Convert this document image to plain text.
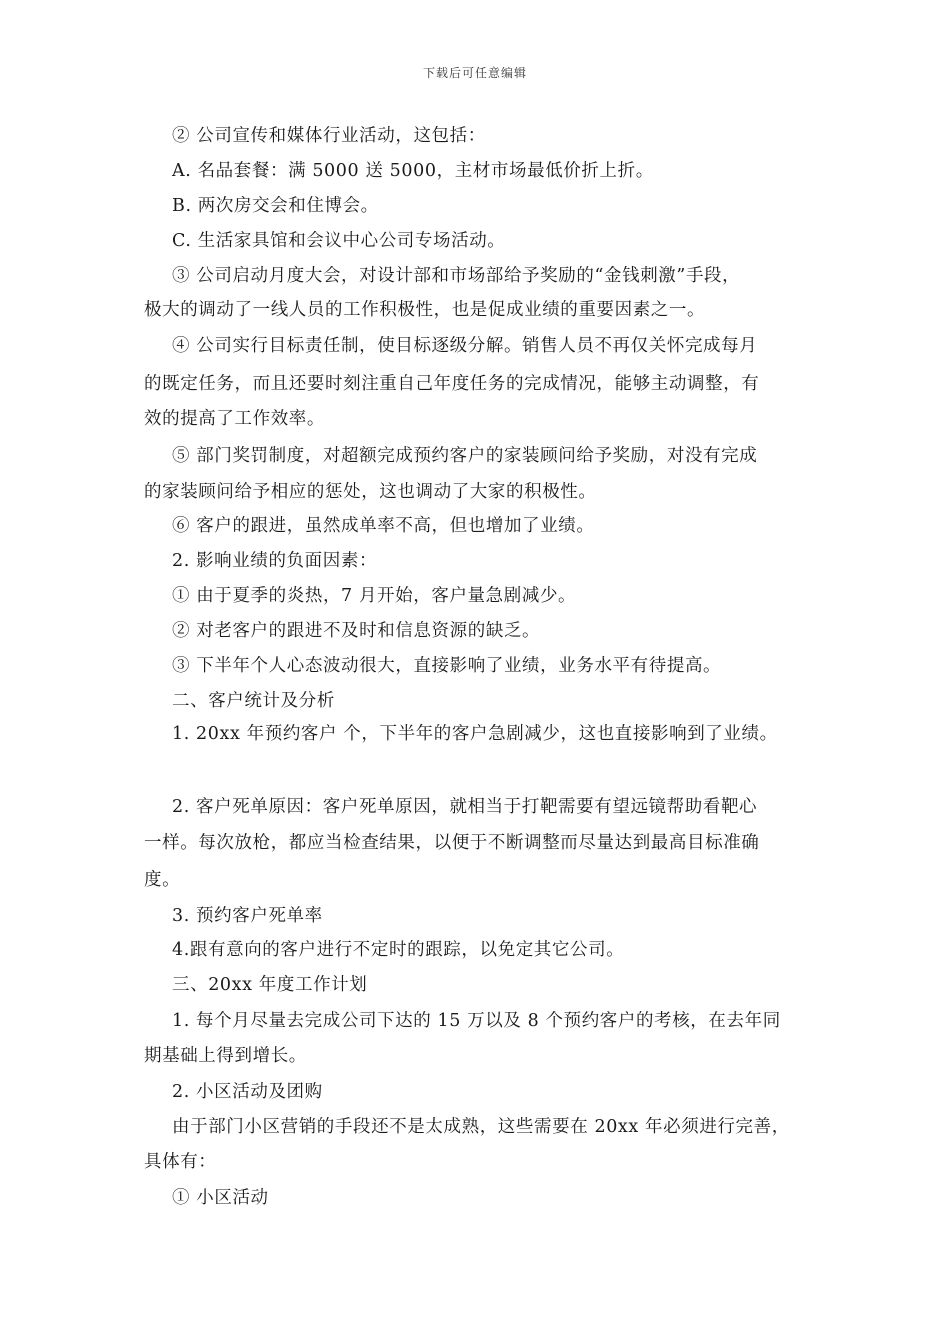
下载后可任意编辑
② 公司宣传和媒体行业活动，这包括：
A. 名品套餐：满 5000 送 5000，主材市场最低价折上折。
B. 两次房交会和住博会。
C. 生活家具馆和会议中心公司专场活动。
③ 公司启动月度大会，对设计部和市场部给予奖励的“金钱刺激”手段，
极大的调动了一线人员的工作积极性，也是促成业绩的重要因素之一。
④ 公司实行目标责任制，使目标逐级分解。销售人员不再仅关怀完成每月
的既定任务，而且还要时刻注重自己年度任务的完成情况，能够主动调整，有
效的提高了工作效率。
⑤ 部门奖罚制度，对超额完成预约客户的家装顾问给予奖励，对没有完成
的家装顾问给予相应的惩处，这也调动了大家的积极性。
⑥ 客户的跟进，虽然成单率不高，但也增加了业绩。
2. 影响业绩的负面因素：
① 由于夏季的炎热，7 月开始，客户量急剧减少。
② 对老客户的跟进不及时和信息资源的缺乏。
③ 下半年个人心态波动很大，直接影响了业绩，业务水平有待提高。
二、客户统计及分析
1. 20xx 年预约客户 个，下半年的客户急剧减少，这也直接影响到了业绩。
2. 客户死单原因：客户死单原因，就相当于打靶需要有望远镜帮助看靶心
一样。每次放枪，都应当检查结果，以便于不断调整而尽量达到最高目标准确
度。
3. 预约客户死单率
4.跟有意向的客户进行不定时的跟踪，以免定其它公司。
三、20xx 年度工作计划
1. 每个月尽量去完成公司下达的 15 万以及 8 个预约客户的考核，在去年同
期基础上得到增长。
2. 小区活动及团购
由于部门小区营销的手段还不是太成熟，这些需要在 20xx 年必须进行完善，
具体有：
① 小区活动
